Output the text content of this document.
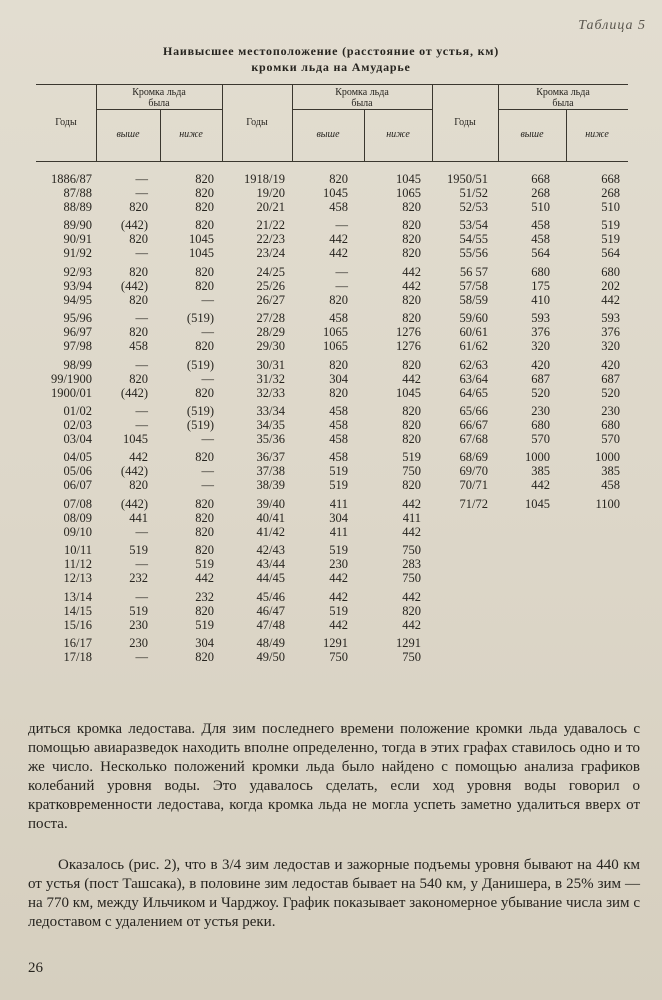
Таблица 5
Наивысшее местоположение (расстояние от устья, км)
кромки льда на Амударье
Годы	Годы	Годы
Кромка льда
была
Кромка льда
была
Кромка льда
была
выше	ниже	выше	ниже	выше	ниже
1886/87	—	820 1918/19	820	1045 1950/51	668	668
87/88	—	820	19/20	1045	1065	51/52	268	268
88/89	820	820	20/21	458	820	52/53	510	510
89/90 (442)	820	21/22	—	820	53/54	458	519
90/91	820	1045	22/23	442	820	54/55	458	519
91/92	—	1045	23/24	442	820	55/56	564	564
92/93	820	820	24/25	—	442	56 57	680	680
93/94 (442)	820	25/26	—	442	57/58	175	202
94/95	820	—	26/27	820	820	58/59	410	442
95/96	—	(519)	27/28	458	820	59/60	593	593
96/97	820	—	28/29	1065	1276	60/61	376	376
97/98	458	820	29/30	1065	1276	61/62	320	320
98/99	—	(519)	30/31	820	820	62/63	420	420
99/1900	820	—	31/32	304	442	63/64	687	687
1900/01 (442)	820	32/33	820	1045	64/65	520	520
01/02	—	(519)	33/34	458	820	65/66	230	230
02/03	—	(519)	34/35	458	820	66/67	680	680
03/04 1045	—	35/36	458	820	67/68	570	570
04/05	442	820	36/37	458	519	68/69	1000	1000
05/06 (442)	—	37/38	519	750	69/70	385	385
06/07	820	—	38/39	519	820	70/71	442	458
07/08 (442)	820	39/40	411	442	71/72	1045	1100
08/09	441	820	40/41	304	411
09/10	—	820	41/42	411	442
10/11	519	820	42/43	519	750
11/12	—	519	43/44	230	283
12/13	232	442	44/45	442	750
13/14	—	232	45/46	442	442
14/15	519	820	46/47	519	820
15/16	230	519	47/48	442	442
16/17	230	304	48/49	1291	1291
17/18	—	820	49/50	750	750
диться кромка ледостава. Для зим последнего времени положение кромки льда удавалось с помощью авиаразведок находить вполне определенно, тогда в этих графах ставилось одно и то же число. Несколько положений кромки льда было найдено с помощью анализа графиков колебаний уровня воды. Это удавалось сделать, если ход уровня воды говорил о кратковременности ледостава, когда кромка льда не могла успеть заметно удалиться вверх от поста.
Оказалось (рис. 2), что в 3/4 зим ледостав и зажорные подъемы уровня бывают на 440 км от устья (пост Ташсака), в половине зим ледостав бывает на 540 км, у Данишера, в 25% зим — на 770 км, между Ильчиком и Чарджоу. График показывает закономерное убывание числа зим с ледоставом с удалением от устья реки.
26
